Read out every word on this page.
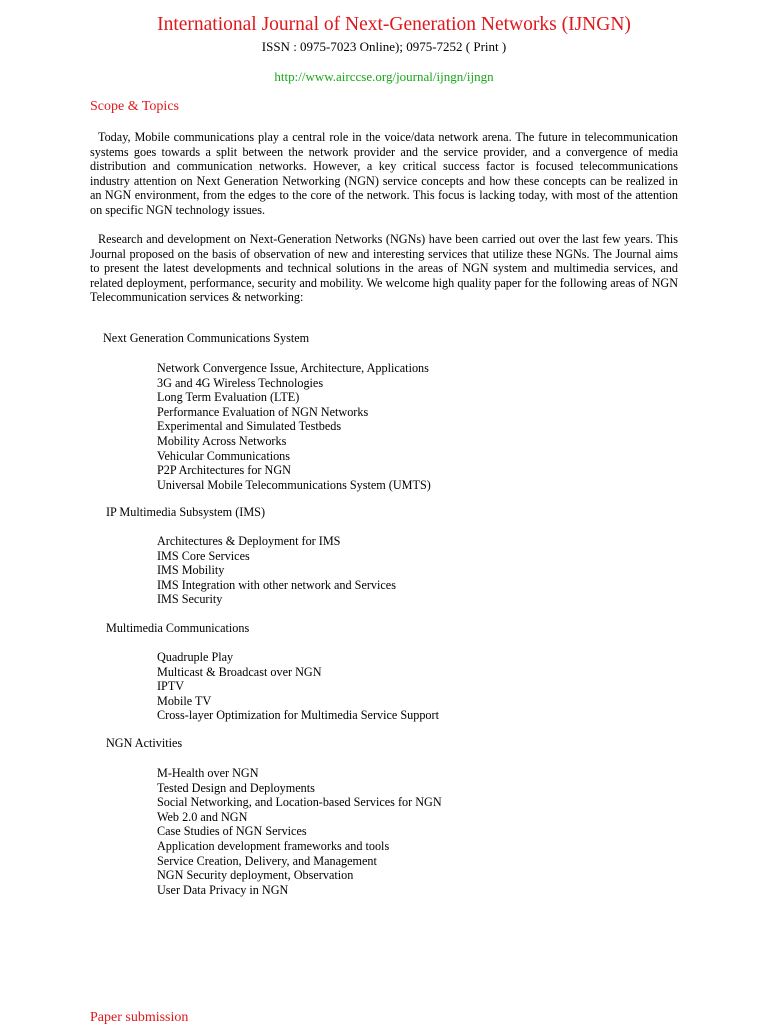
International Journal of Next-Generation Networks (IJNGN)
ISSN : 0975-7023 Online); 0975-7252 ( Print )
http://www.airccse.org/journal/ijngn/ijngn
Scope & Topics

Today, Mobile communications play a central role in the voice/data network arena. The future in telecommunication systems goes towards a split between the network provider and the service provider, and a convergence of media distribution and communication networks. However, a key critical success factor is focused telecommunications industry attention on Next Generation Networking (NGN) service concepts and how these concepts can be realized in an NGN environment, from the edges to the core of the network. This focus is lacking today, with most of the attention on specific NGN technology issues.

Research and development on Next-Generation Networks (NGNs) have been carried out over the last few years. This Journal proposed on the basis of observation of new and interesting services that utilize these NGNs. The Journal aims to present the latest developments and technical solutions in the areas of NGN system and multimedia services, and related deployment, performance, security and mobility. We welcome high quality paper for the following areas of NGN Telecommunication services & networking:

Next Generation Communications System
Network Convergence Issue, Architecture, Applications
3G and 4G Wireless Technologies
Long Term Evaluation (LTE)
Performance Evaluation of NGN Networks
Experimental and Simulated Testbeds
Mobility Across Networks
Vehicular Communications
P2P Architectures for NGN
Universal Mobile Telecommunications System (UMTS)
IP Multimedia Subsystem (IMS)
Architectures & Deployment for IMS
IMS Core Services
IMS Mobility
IMS Integration with other network and Services
IMS Security
Multimedia Communications
Quadruple Play
Multicast & Broadcast over NGN
IPTV
Mobile TV
Cross-layer Optimization for Multimedia Service Support
NGN Activities
M-Health over NGN
Tested Design and Deployments
Social Networking, and Location-based Services for NGN
Web 2.0 and NGN
Case Studies of NGN Services
Application development frameworks and tools
Service Creation, Delivery, and Management
NGN Security deployment, Observation
User Data Privacy in NGN
Paper submission
